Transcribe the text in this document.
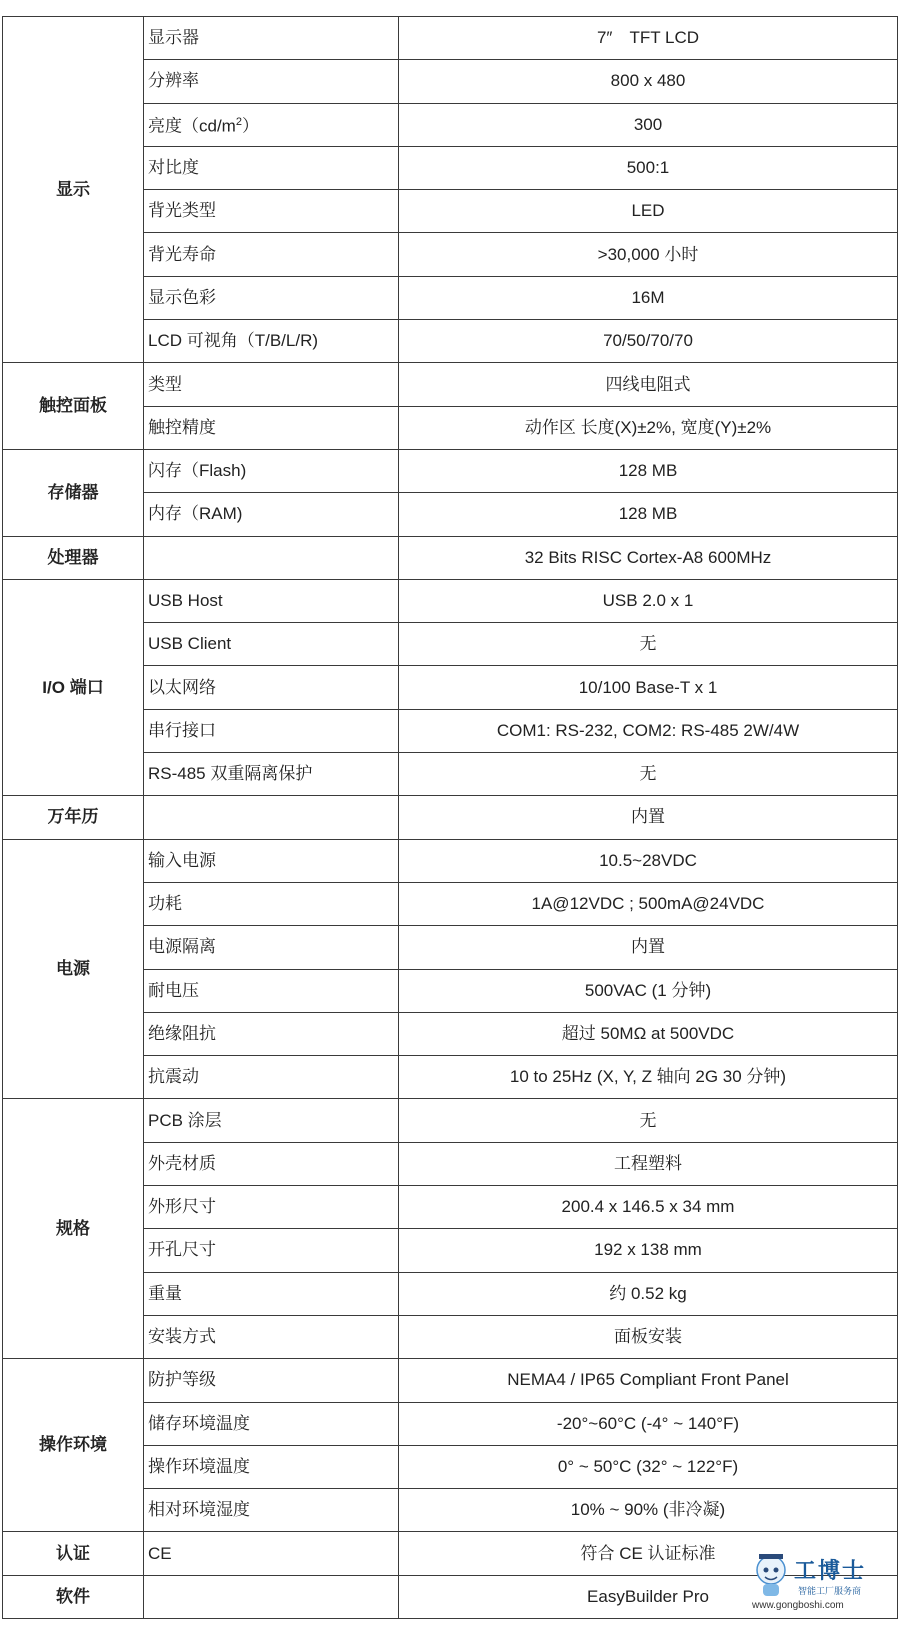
显示	显示器	7″　TFT LCD
	分辨率	800 x 480
	亮度$(cd/m^2)$	300
	对比度	500:1
	背光类型	LED
	背光寿命	>30,000 小时
	显示色彩	16M
	LCD 可视角（T/B/L/R)	70/50/70/70
触控面板	类型	四线电阻式
	触控精度	动作区 长度(X)±2%, 宽度(Y)±2%
存储器	闪存（Flash)	128 MB
	内存（RAM)	128 MB
处理器		32 Bits RISC Cortex-A8 600MHz
I/O 端口	USB Host	USB 2.0 x 1
	USB Client	无
	以太网络	10/100 Base-T x 1
	串行接口	COM1: RS-232, COM2: RS-485 2W/4W
	RS-485 双重隔离保护	无
万年历		内置
电源	输入电源	10.5~28VDC
	功耗	1A@12VDC ; 500mA@24VDC
	电源隔离	内置
	耐电压	500VAC (1 分钟)
	绝缘阻抗	超过 50MΩ at 500VDC
	抗震动	10 to 25Hz (X, Y, Z 轴向 2G 30 分钟)
规格	PCB 涂层	无
	外壳材质	工程塑料
	外形尺寸	200.4 x 146.5 x 34 mm
	开孔尺寸	192 x 138 mm
	重量	约 0.52 kg
	安装方式	面板安装
操作环境	防护等级	NEMA4 / IP65 Compliant Front Panel
	储存环境温度	-20°~60°C (-4° ~ 140°F)
	操作环境温度	0° ~ 50°C (32° ~ 122°F)
	相对环境湿度	10% ~ 90% (非冷凝)
认证	CE	符合 CE 认证标准
软件		EasyBuilder Pro
工博士
智能工厂服务商
www.gongboshi.com
